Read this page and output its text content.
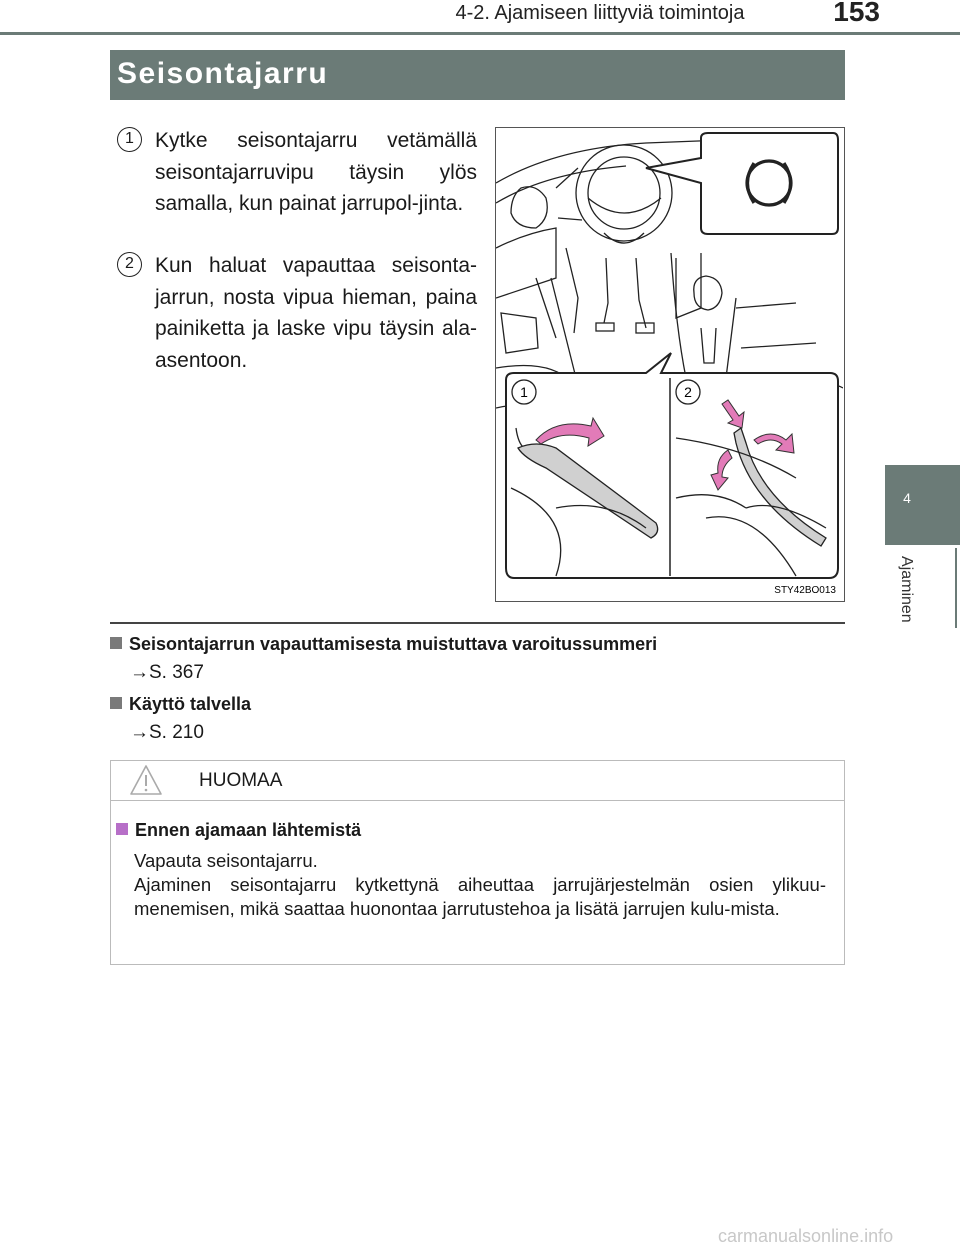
4-2. Ajamiseen liittyviä toimintoja	153
4
Ajaminen
Seisontajarru
1	Kytke seisontajarru vetämällä seisontajarruvipu täysin ylös samalla, kun painat jarrupol-jinta.
2	Kun haluat vapauttaa seisonta-jarrun, nosta vipua hieman, paina painiketta ja laske vipu täysin ala-asentoon.
1	2
STY42BO013
Seisontajarrun vapauttamisesta muistuttava varoitussummeri
→S. 367
Käyttö talvella
→S. 210
HUOMAA
Ennen ajamaan lähtemistä

Vapauta seisontajarru.

Ajaminen seisontajarru kytkettynä aiheuttaa jarrujärjestelmän osien ylikuu-menemisen, mikä saattaa huonontaa jarrutustehoa ja lisätä jarrujen kulu-mista.

carmanualsonline.info
